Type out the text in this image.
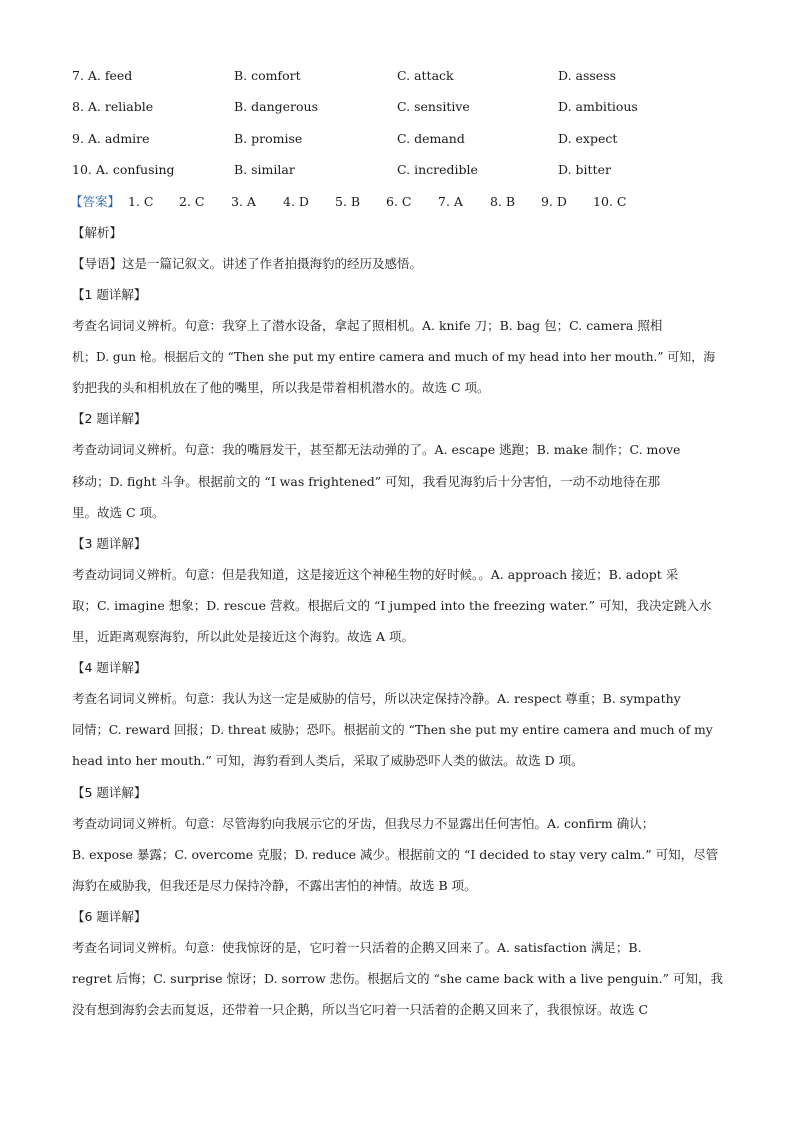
7. A. feed	B. comfort	C. attack	D. assess
8. A. reliable	B. dangerous	C. sensitive	D. ambitious
9. A. admire	B. promise	C. demand	D. expect
10. A. confusing	B. similar	C. incredible	D. bitter
【答案】 1. C 2. C 3. A 4. D 5. B 6. C 7. A 8. B 9. D 10. C
【解析】
【导语】这是一篇记叙文。讲述了作者拍摄海豹的经历及感悟。
【1 题详解】
考查名词词义辨析。句意：我穿上了潜水设备，拿起了照相机。A. knife 刀；B. bag 包；C. camera 照相
机；D. gun 枪。根据后文的 “Then she put my entire camera and much of my head into her mouth.” 可知，海
豹把我的头和相机放在了他的嘴里，所以我是带着相机潜水的。故选 C 项。
【2 题详解】
考查动词词义辨析。句意：我的嘴唇发干，甚至都无法动弹的了。A. escape 逃跑；B. make 制作；C. move
移动；D. fight 斗争。根据前文的 “I was frightened” 可知，我看见海豹后十分害怕，一动不动地待在那
里。故选 C 项。
【3 题详解】
考查动词词义辨析。句意：但是我知道，这是接近这个神秘生物的好时候。。A. approach 接近；B. adopt 采
取；C. imagine 想象；D. rescue 营救。根据后文的 “I jumped into the freezing water.” 可知，我决定跳入水
里，近距离观察海豹，所以此处是接近这个海豹。故选 A 项。
【4 题详解】
考查名词词义辨析。句意：我认为这一定是威胁的信号，所以决定保持冷静。A. respect 尊重；B. sympathy
同情；C. reward 回报；D. threat 威胁；恐吓。根据前文的 “Then she put my entire camera and much of my
head into her mouth.” 可知，海豹看到人类后，采取了威胁恐吓人类的做法。故选 D 项。
【5 题详解】
考查动词词义辨析。句意：尽管海豹向我展示它的牙齿，但我尽力不显露出任何害怕。A. confirm 确认；
B. expose 暴露；C. overcome 克服；D. reduce 减少。根据前文的 “I decided to stay very calm.” 可知，尽管
海豹在威胁我，但我还是尽力保持冷静，不露出害怕的神情。故选 B 项。
【6 题详解】
考查名词词义辨析。句意：使我惊讶的是，它叼着一只活着的企鹅又回来了。A. satisfaction 满足；B.
regret 后悔；C. surprise 惊讶；D. sorrow 悲伤。根据后文的 “she came back with a live penguin.” 可知，我
没有想到海豹会去而复返，还带着一只企鹅，所以当它叼着一只活着的企鹅又回来了，我很惊讶。故选 C
